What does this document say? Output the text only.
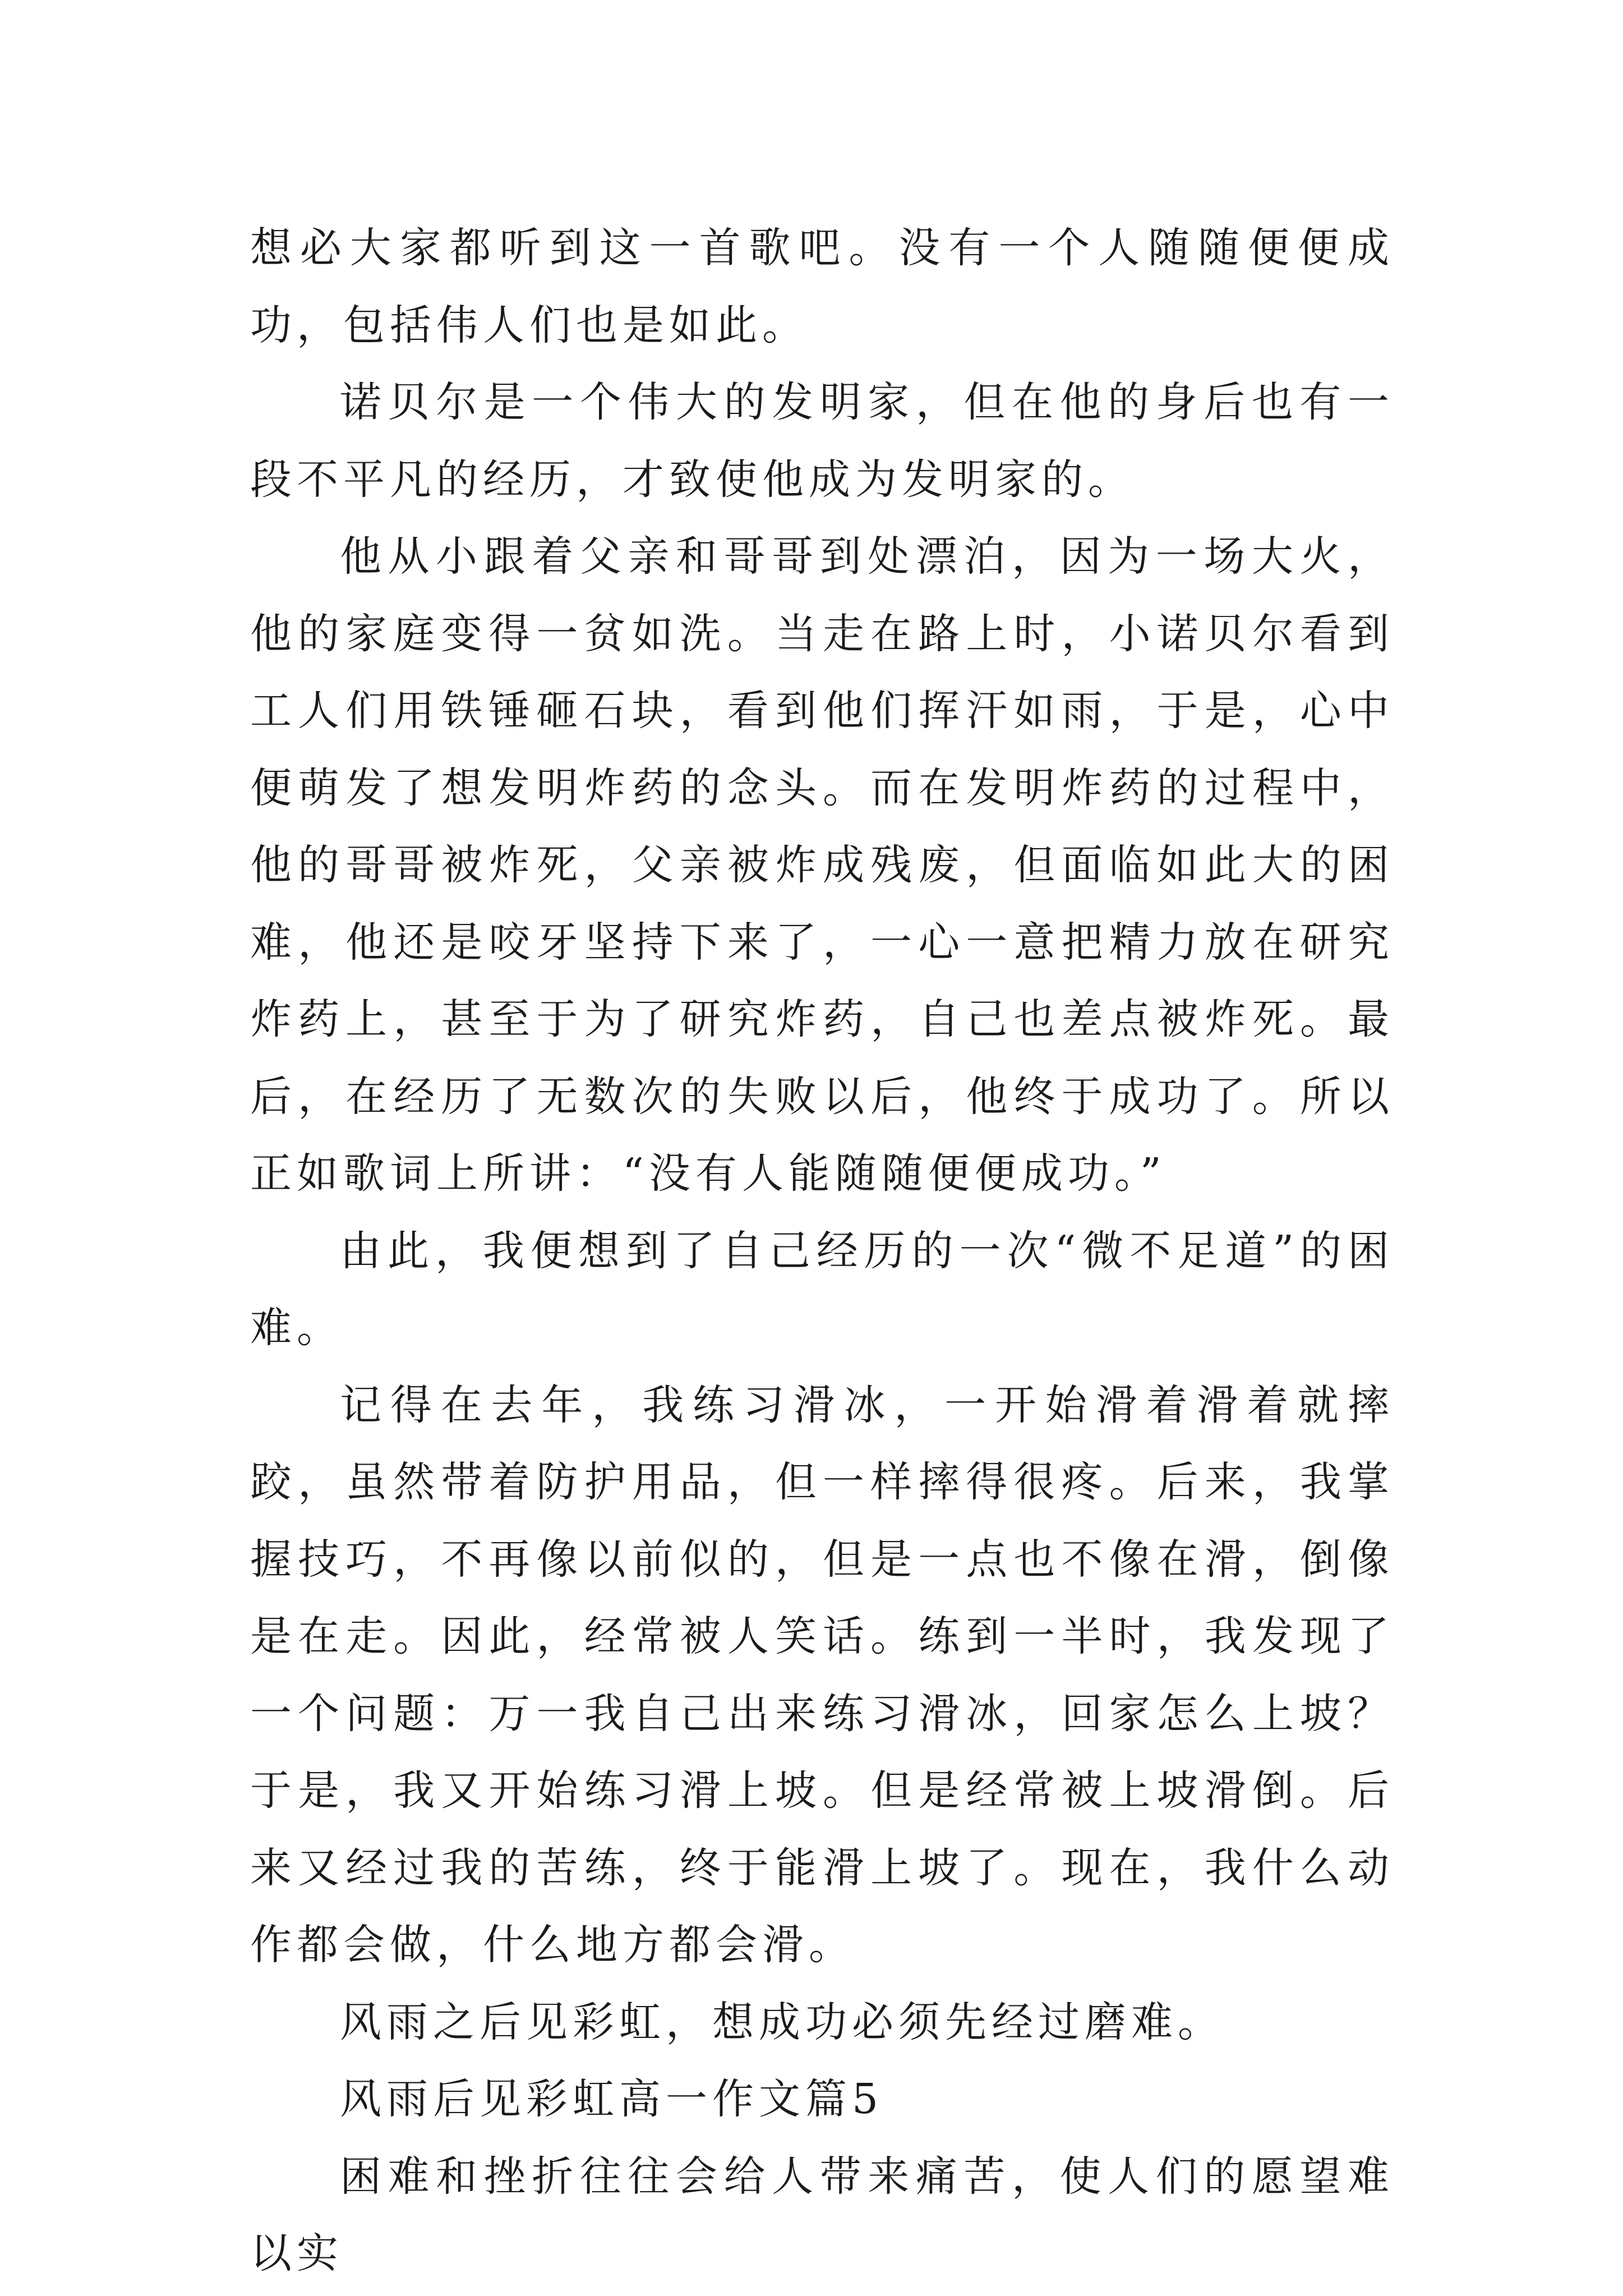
想必大家都听到这一首歌吧。没有一个人随随便便成功，包括伟人们也是如此。

诺贝尔是一个伟大的发明家，但在他的身后也有一段不平凡的经历，才致使他成为发明家的。

他从小跟着父亲和哥哥到处漂泊，因为一场大火，他的家庭变得一贫如洗。当走在路上时，小诺贝尔看到工人们用铁锤砸石块，看到他们挥汗如雨，于是，心中便萌发了想发明炸药的念头。而在发明炸药的过程中，他的哥哥被炸死，父亲被炸成残废，但面临如此大的困难，他还是咬牙坚持下来了，一心一意把精力放在研究炸药上，甚至于为了研究炸药，自己也差点被炸死。最后，在经历了无数次的失败以后，他终于成功了。所以正如歌词上所讲：“没有人能随随便便成功。”

由此，我便想到了自己经历的一次“微不足道”的困难。

记得在去年，我练习滑冰，一开始滑着滑着就摔跤，虽然带着防护用品，但一样摔得很疼。后来，我掌握技巧，不再像以前似的，但是一点也不像在滑，倒像是在走。因此，经常被人笑话。练到一半时，我发现了一个问题：万一我自己出来练习滑冰，回家怎么上坡？于是，我又开始练习滑上坡。但是经常被上坡滑倒。后来又经过我的苦练，终于能滑上坡了。现在，我什么动作都会做，什么地方都会滑。

风雨之后见彩虹，想成功必须先经过磨难。

风雨后见彩虹高一作文篇5

困难和挫折往往会给人带来痛苦，使人们的愿望难以实
